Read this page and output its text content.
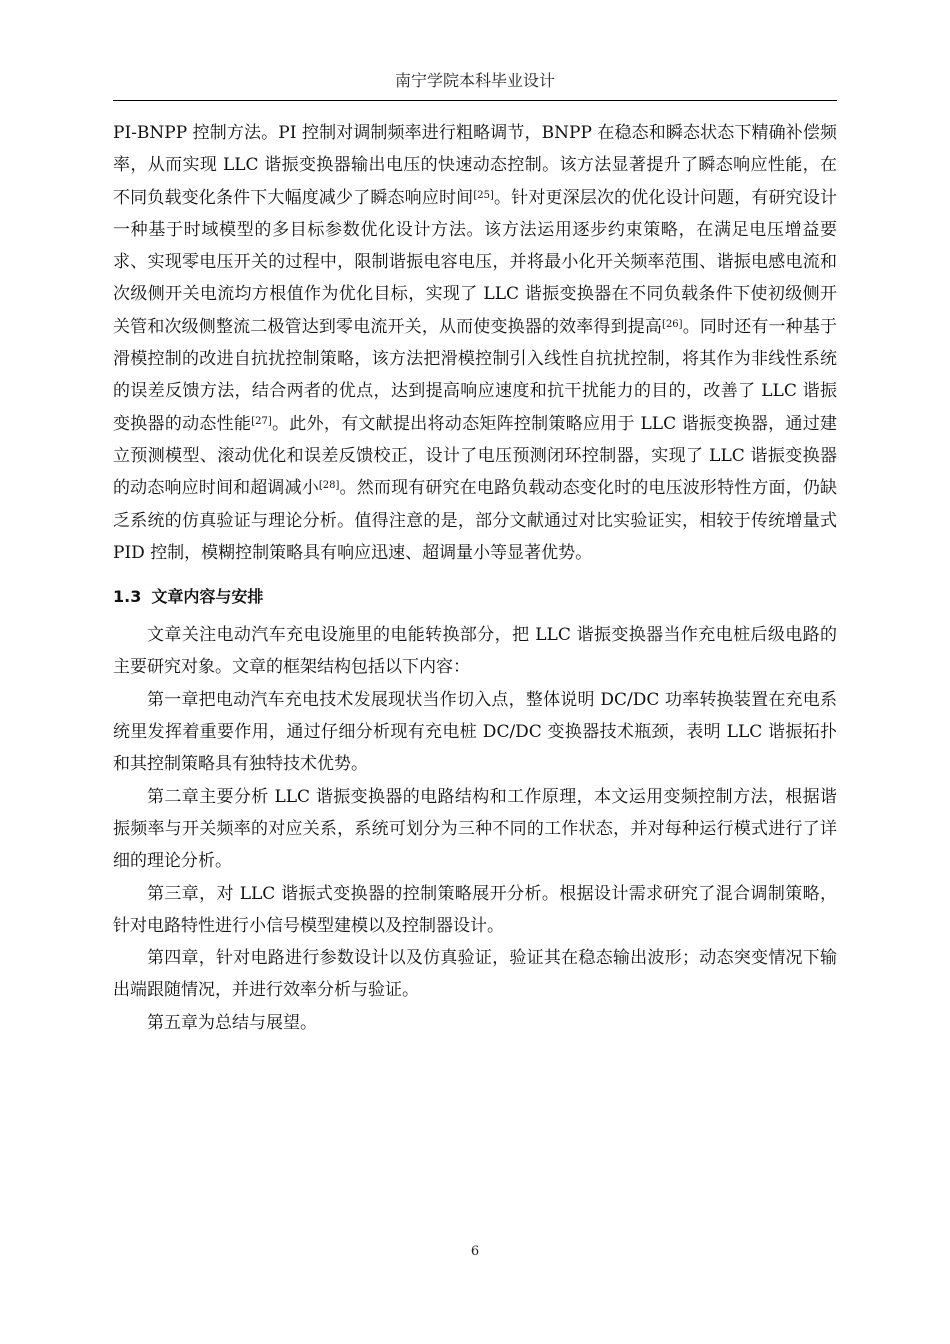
南宁学院本科毕业设计

PI-BNPP 控制方法。PI 控制对调制频率进行粗略调节，BNPP 在稳态和瞬态状态下精确补偿频率，从而实现 LLC 谐振变换器输出电压的快速动态控制。该方法显著提升了瞬态响应性能，在不同负载变化条件下大幅度减少了瞬态响应时间[25]。针对更深层次的优化设计问题，有研究设计一种基于时域模型的多目标参数优化设计方法。该方法运用逐步约束策略，在满足电压增益要求、实现零电压开关的过程中，限制谐振电容电压，并将最小化开关频率范围、谐振电感电流和次级侧开关电流均方根值作为优化目标，实现了 LLC 谐振变换器在不同负载条件下使初级侧开关管和次级侧整流二极管达到零电流开关，从而使变换器的效率得到提高[26]。同时还有一种基于滑模控制的改进自抗扰控制策略，该方法把滑模控制引入线性自抗扰控制，将其作为非线性系统的误差反馈方法，结合两者的优点，达到提高响应速度和抗干扰能力的目的，改善了 LLC 谐振变换器的动态性能[27]。此外，有文献提出将动态矩阵控制策略应用于 LLC 谐振变换器，通过建立预测模型、滚动优化和误差反馈校正，设计了电压预测闭环控制器，实现了 LLC 谐振变换器的动态响应时间和超调减小[28]。然而现有研究在电路负载动态变化时的电压波形特性方面，仍缺乏系统的仿真验证与理论分析。值得注意的是，部分文献通过对比实验证实，相较于传统增量式 PID 控制，模糊控制策略具有响应迅速、超调量小等显著优势。

1.3 文章内容与安排

文章关注电动汽车充电设施里的电能转换部分，把 LLC 谐振变换器当作充电桩后级电路的主要研究对象。文章的框架结构包括以下内容：

第一章把电动汽车充电技术发展现状当作切入点，整体说明 DC/DC 功率转换装置在充电系统里发挥着重要作用，通过仔细分析现有充电桩 DC/DC 变换器技术瓶颈，表明 LLC 谐振拓扑和其控制策略具有独特技术优势。

第二章主要分析 LLC 谐振变换器的电路结构和工作原理，本文运用变频控制方法，根据谐振频率与开关频率的对应关系，系统可划分为三种不同的工作状态，并对每种运行模式进行了详细的理论分析。

第三章，对 LLC 谐振式变换器的控制策略展开分析。根据设计需求研究了混合调制策略，针对电路特性进行小信号模型建模以及控制器设计。

第四章，针对电路进行参数设计以及仿真验证，验证其在稳态输出波形；动态突变情况下输出端跟随情况，并进行效率分析与验证。

第五章为总结与展望。

6
